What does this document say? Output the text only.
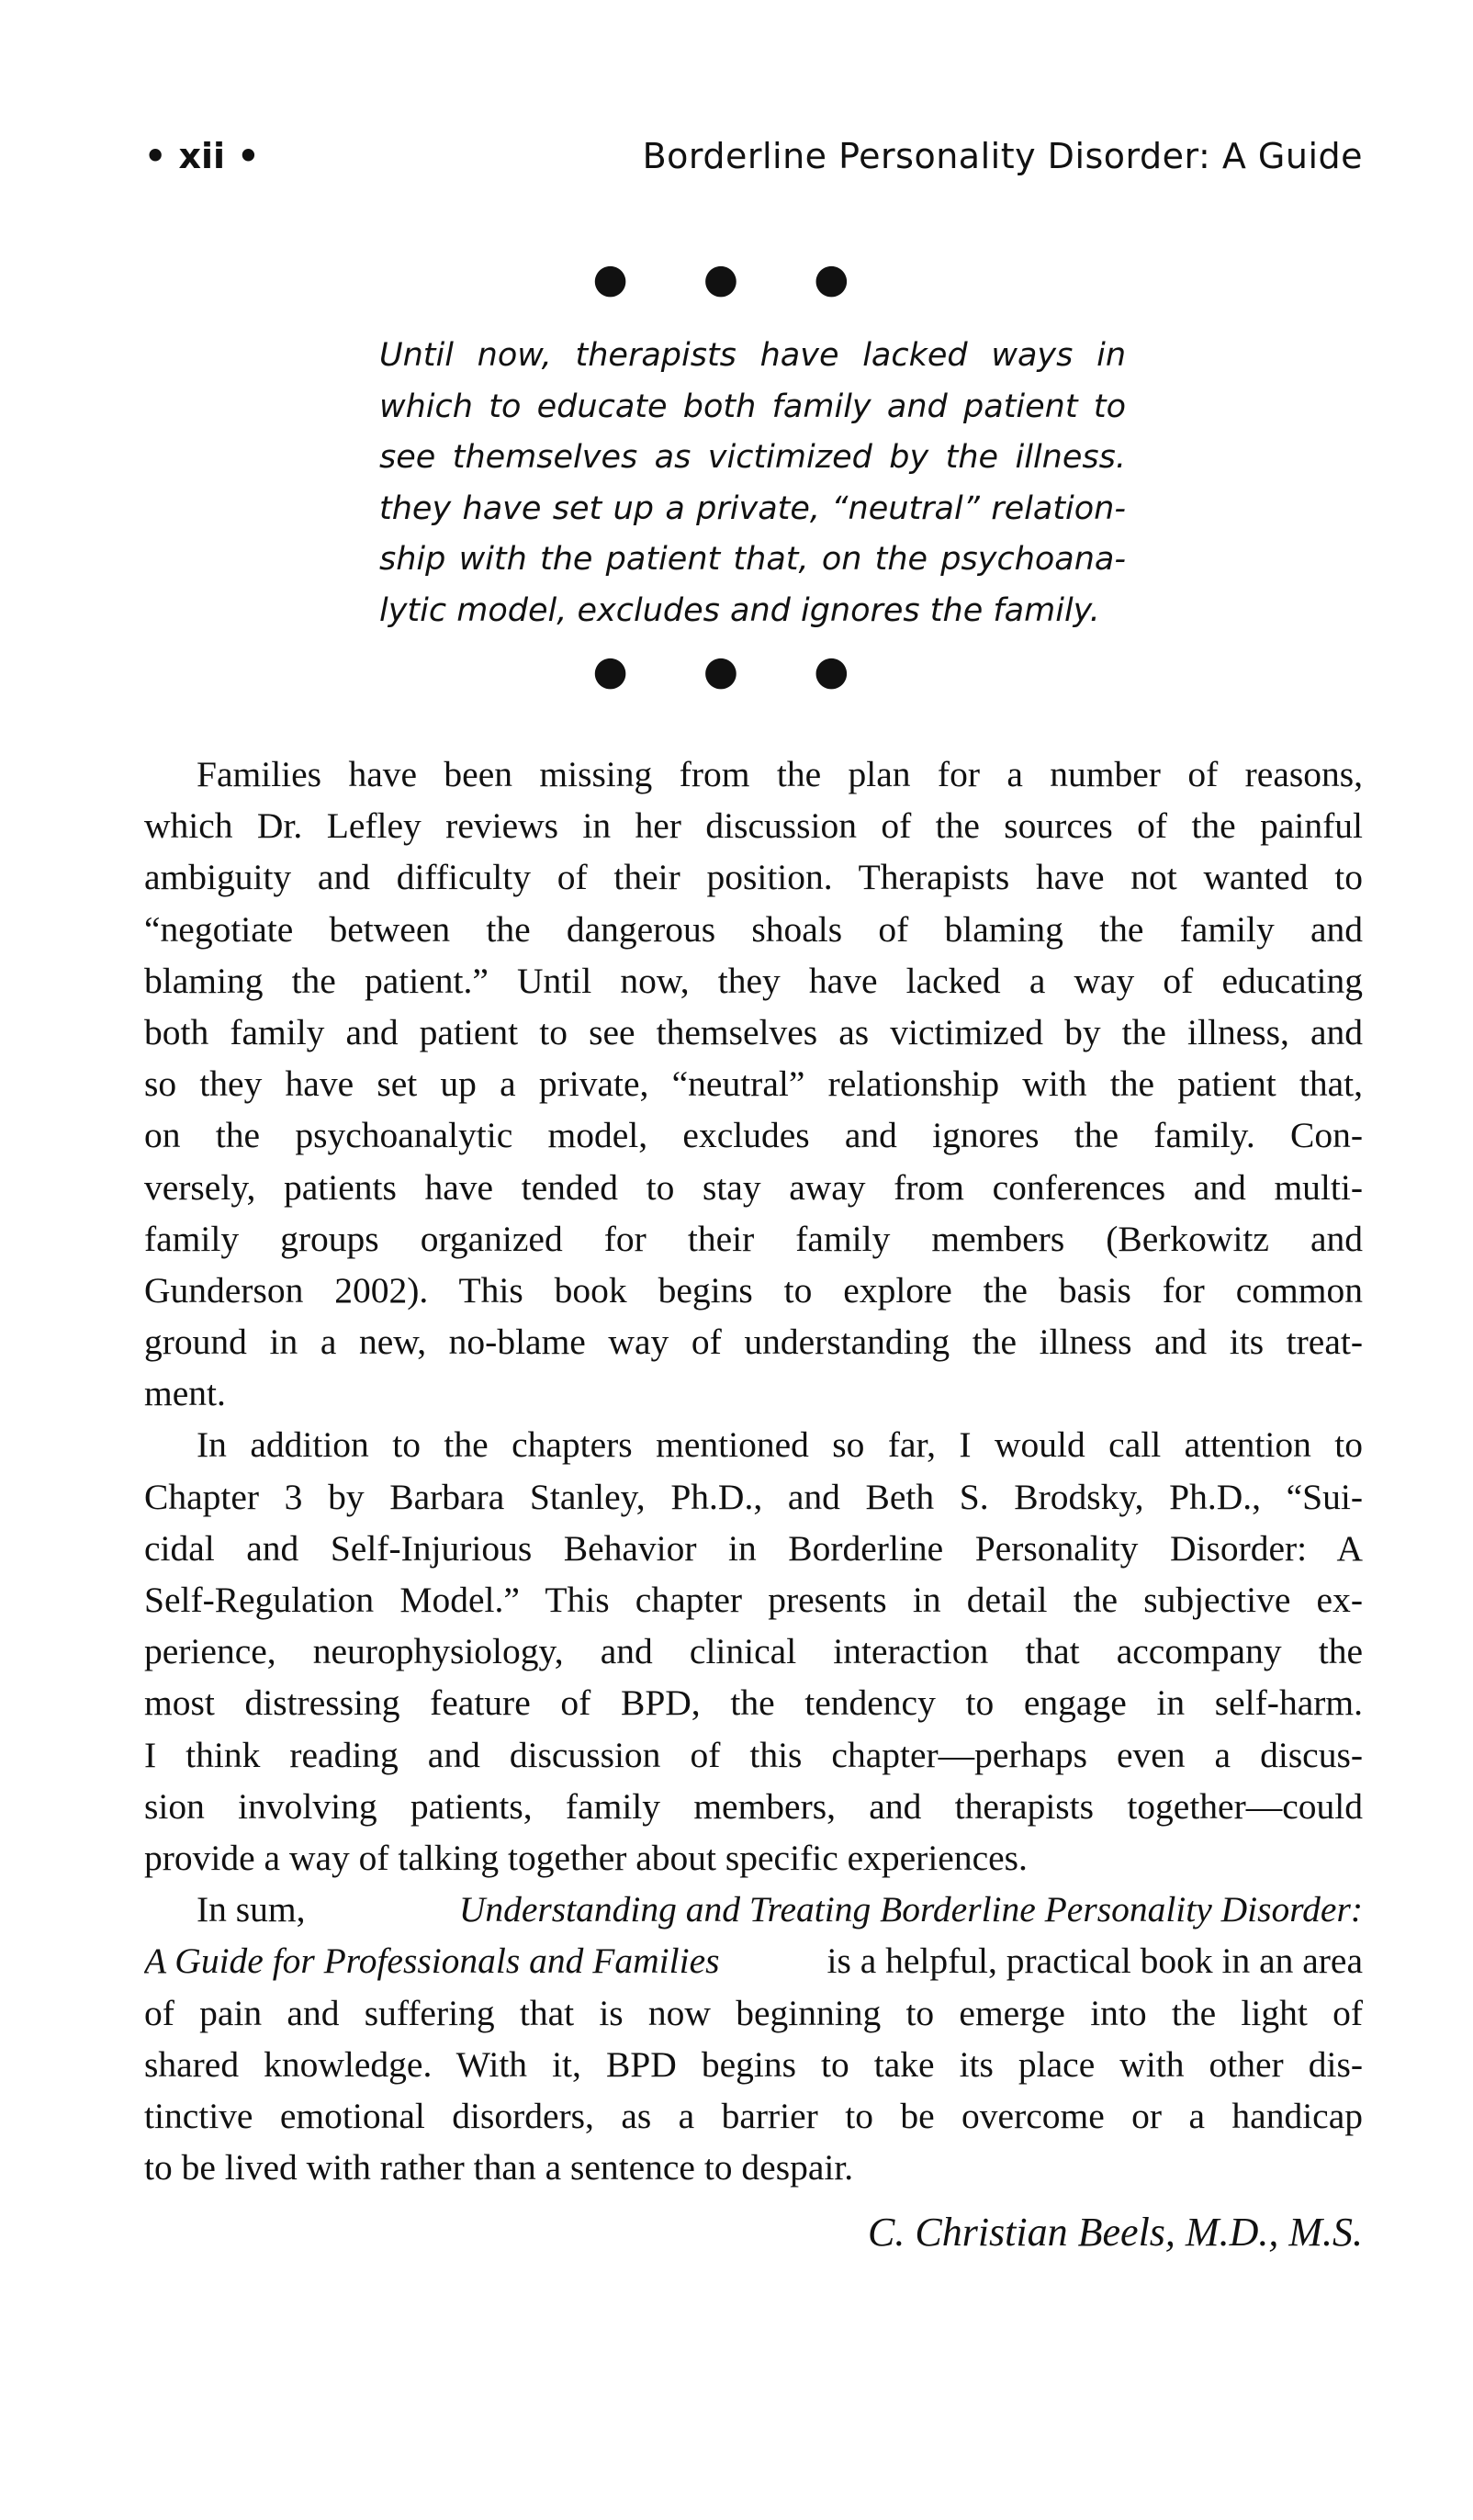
• xii •	Borderline Personality Disorder: A Guide
● ● ●
Until now, therapists have lacked ways in
which to educate both family and patient to
see themselves as victimized by the illness.
they have set up a private, “neutral” relation-
ship with the patient that, on the psychoana-
lytic model, excludes and ignores the family.
● ● ●
Families have been missing from the plan for a number of reasons,
which Dr. Lefley reviews in her discussion of the sources of the painful
ambiguity and difficulty of their position. Therapists have not wanted to
“negotiate between the dangerous shoals of blaming the family and
blaming the patient.” Until now, they have lacked a way of educating
both family and patient to see themselves as victimized by the illness, and
so they have set up a private, “neutral” relationship with the patient that,
on the psychoanalytic model, excludes and ignores the family. Con-
versely, patients have tended to stay away from conferences and multi-
family groups organized for their family members (Berkowitz and
Gunderson 2002). This book begins to explore the basis for common
ground in a new, no-blame way of understanding the illness and its treat-
ment.
In addition to the chapters mentioned so far, I would call attention to
Chapter 3 by Barbara Stanley, Ph.D., and Beth S. Brodsky, Ph.D., “Sui-
cidal and Self-Injurious Behavior in Borderline Personality Disorder: A
Self-Regulation Model.” This chapter presents in detail the subjective ex-
perience, neurophysiology, and clinical interaction that accompany the
most distressing feature of BPD, the tendency to engage in self-harm.
I think reading and discussion of this chapter—perhaps even a discus-
sion involving patients, family members, and therapists together—could
provide a way of talking together about specific experiences.
In sum,	Understanding and Treating Borderline Personality Disorder:
A Guide for Professionals and Families	is a helpful, practical book in an area
of pain and suffering that is now beginning to emerge into the light of
shared knowledge. With it, BPD begins to take its place with other dis-
tinctive emotional disorders, as a barrier to be overcome or a handicap
to be lived with rather than a sentence to despair.
C. Christian Beels, M.D., M.S.
